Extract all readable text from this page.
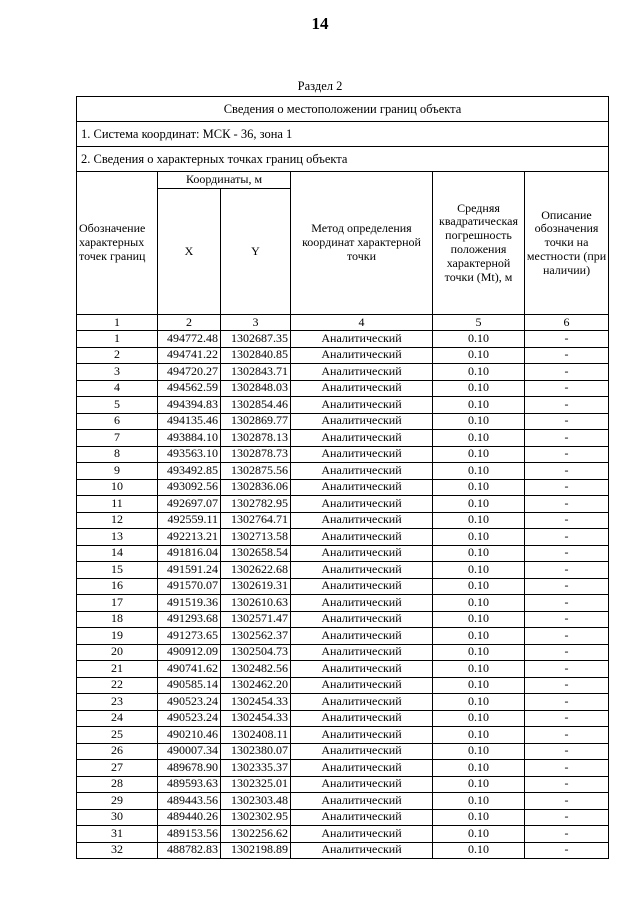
14
Раздел 2
Сведения о местоположении границ объекта					
1. Система координат: МСК - 36, зона 1					
2. Сведения о характерных точках границ объекта					
Обозначение характерных точек границ	Координаты, м		Метод определения координат характерной точки	Средняя квадратическая погрешность положения характерной точки (Mt), м	Описание обозначения точки на местности (при наличии)
	X	Y			
1	2	3	4	5	6
1	494772.48	1302687.35	Аналитический	0.10	-
2	494741.22	1302840.85	Аналитический	0.10	-
3	494720.27	1302843.71	Аналитический	0.10	-
4	494562.59	1302848.03	Аналитический	0.10	-
5	494394.83	1302854.46	Аналитический	0.10	-
6	494135.46	1302869.77	Аналитический	0.10	-
7	493884.10	1302878.13	Аналитический	0.10	-
8	493563.10	1302878.73	Аналитический	0.10	-
9	493492.85	1302875.56	Аналитический	0.10	-
10	493092.56	1302836.06	Аналитический	0.10	-
11	492697.07	1302782.95	Аналитический	0.10	-
12	492559.11	1302764.71	Аналитический	0.10	-
13	492213.21	1302713.58	Аналитический	0.10	-
14	491816.04	1302658.54	Аналитический	0.10	-
15	491591.24	1302622.68	Аналитический	0.10	-
16	491570.07	1302619.31	Аналитический	0.10	-
17	491519.36	1302610.63	Аналитический	0.10	-
18	491293.68	1302571.47	Аналитический	0.10	-
19	491273.65	1302562.37	Аналитический	0.10	-
20	490912.09	1302504.73	Аналитический	0.10	-
21	490741.62	1302482.56	Аналитический	0.10	-
22	490585.14	1302462.20	Аналитический	0.10	-
23	490523.24	1302454.33	Аналитический	0.10	-
24	490523.24	1302454.33	Аналитический	0.10	-
25	490210.46	1302408.11	Аналитический	0.10	-
26	490007.34	1302380.07	Аналитический	0.10	-
27	489678.90	1302335.37	Аналитический	0.10	-
28	489593.63	1302325.01	Аналитический	0.10	-
29	489443.56	1302303.48	Аналитический	0.10	-
30	489440.26	1302302.95	Аналитический	0.10	-
31	489153.56	1302256.62	Аналитический	0.10	-
32	488782.83	1302198.89	Аналитический	0.10	-
